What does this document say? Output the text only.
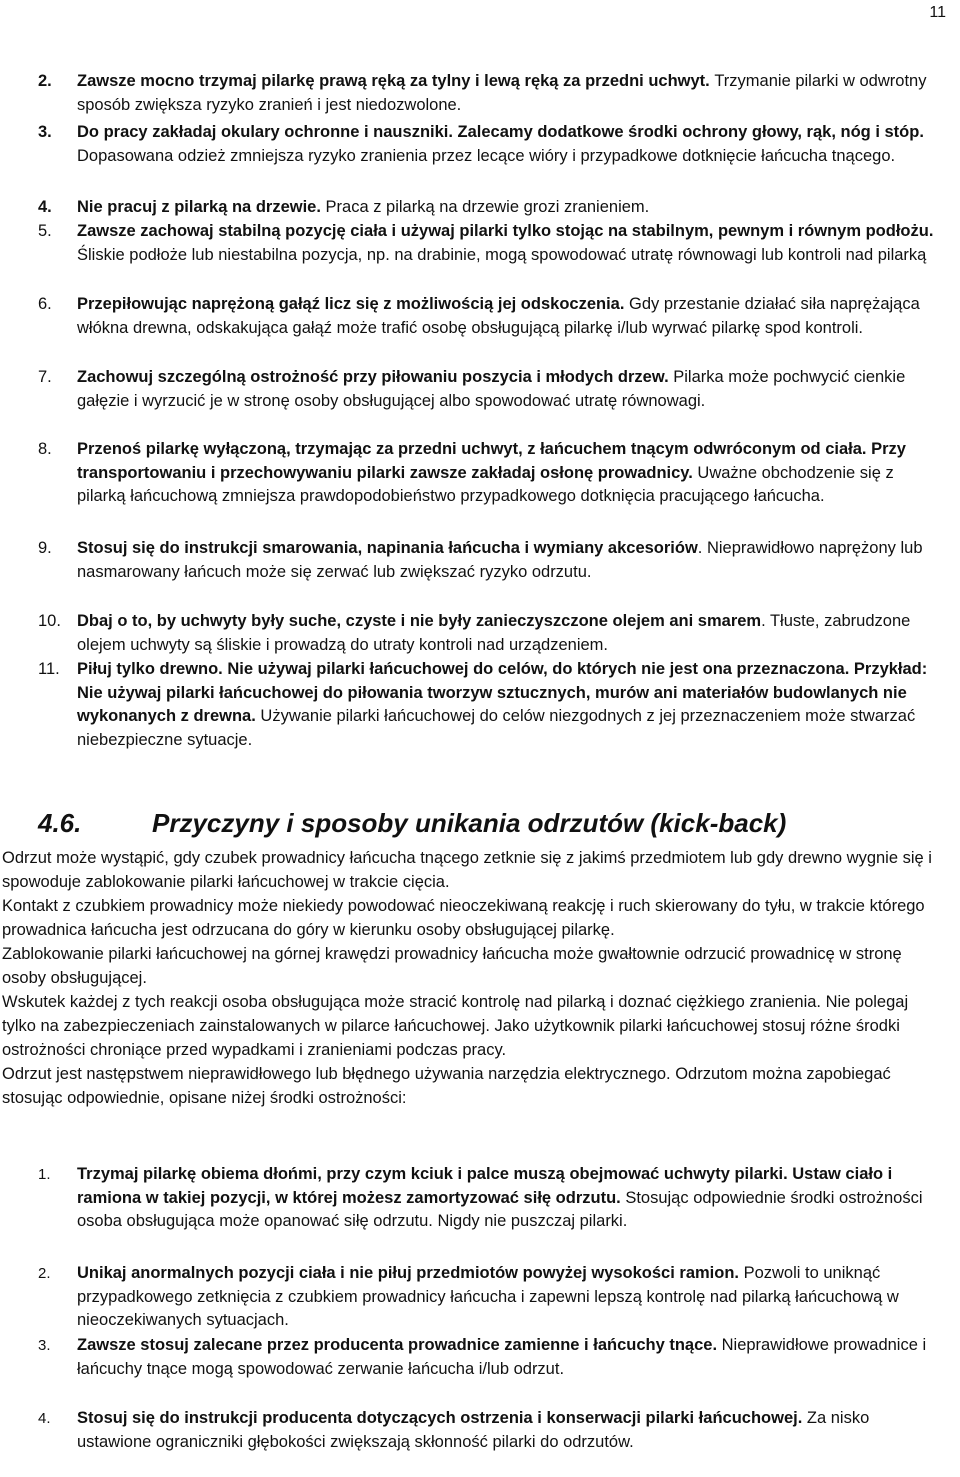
11
2. Zawsze mocno trzymaj pilarkę prawą ręką za tylny i lewą ręką za przedni uchwyt. Trzymanie pilarki w odwrotny sposób zwiększa ryzyko zranień i jest niedozwolone.
3. Do pracy zakładaj okulary ochronne i nauszniki. Zalecamy dodatkowe środki ochrony głowy, rąk, nóg i stóp. Dopasowana odzież zmniejsza ryzyko zranienia przez lecące wióry i przypadkowe dotknięcie łańcucha tnącego.
4. Nie pracuj z pilarką na drzewie. Praca z pilarką na drzewie grozi zranieniem.
5. Zawsze zachowaj stabilną pozycję ciała i używaj pilarki tylko stojąc na stabilnym, pewnym i równym podłożu. Śliskie podłoże lub niestabilna pozycja, np. na drabinie, mogą spowodować utratę równowagi lub kontroli nad pilarką
6. Przepiłowując naprężoną gałąź licz się z możliwością jej odskoczenia. Gdy przestanie działać siła naprężająca włókna drewna, odskakująca gałąź może trafić osobę obsługującą pilarkę i/lub wyrwać pilarkę spod kontroli.
7. Zachowuj szczególną ostrożność przy piłowaniu poszycia i młodych drzew. Pilarka może pochwycić cienkie gałęzie i wyrzucić je w stronę osoby obsługującej albo spowodować utratę równowagi.
8. Przenoś pilarkę wyłączoną, trzymając za przedni uchwyt, z łańcuchem tnącym odwróconym od ciała. Przy transportowaniu i przechowywaniu pilarki zawsze zakładaj osłonę prowadnicy. Uważne obchodzenie się z pilarką łańcuchową zmniejsza prawdopodobieństwo przypadkowego dotknięcia pracującego łańcucha.
9. Stosuj się do instrukcji smarowania, napinania łańcucha i wymiany akcesoriów. Nieprawidłowo naprężony lub nasmarowany łańcuch może się zerwać lub zwiększać ryzyko odrzutu.
10. Dbaj o to, by uchwyty były suche, czyste i nie były zanieczyszczone olejem ani smarem. Tłuste, zabrudzone olejem uchwyty są śliskie i prowadzą do utraty kontroli nad urządzeniem.
11. Piłuj tylko drewno. Nie używaj pilarki łańcuchowej do celów, do których nie jest ona przeznaczona. Przykład: Nie używaj pilarki łańcuchowej do piłowania tworzyw sztucznych, murów ani materiałów budowlanych nie wykonanych z drewna. Używanie pilarki łańcuchowej do celów niezgodnych z jej przeznaczeniem może stwarzać niebezpieczne sytuacje.
4.6.	Przyczyny i sposoby unikania odrzutów (kick-back)

Odrzut może wystąpić, gdy czubek prowadnicy łańcucha tnącego zetknie się z jakimś przedmiotem lub gdy drewno wygnie się i spowoduje zablokowanie pilarki łańcuchowej w trakcie cięcia.

Kontakt z czubkiem prowadnicy może niekiedy powodować nieoczekiwaną reakcję i ruch skierowany do tyłu, w trakcie którego prowadnica łańcucha jest odrzucana do góry w kierunku osoby obsługującej pilarkę.

Zablokowanie pilarki łańcuchowej na górnej krawędzi prowadnicy łańcucha może gwałtownie odrzucić prowadnicę w stronę osoby obsługującej.

Wskutek każdej z tych reakcji osoba obsługująca może stracić kontrolę nad pilarką i doznać ciężkiego zranienia. Nie polegaj tylko na zabezpieczeniach zainstalowanych w pilarce łańcuchowej. Jako użytkownik pilarki łańcuchowej stosuj różne środki ostrożności chroniące przed wypadkami i zranieniami podczas pracy.

Odrzut jest następstwem nieprawidłowego lub błędnego używania narzędzia elektrycznego. Odrzutom można zapobiegać stosując odpowiednie, opisane niżej środki ostrożności:

1. Trzymaj pilarkę obiema dłońmi, przy czym kciuk i palce muszą obejmować uchwyty pilarki. Ustaw ciało i ramiona w takiej pozycji, w której możesz zamortyzować siłę odrzutu. Stosując odpowiednie środki ostrożności osoba obsługująca może opanować siłę odrzutu. Nigdy nie puszczaj pilarki.
2. Unikaj anormalnych pozycji ciała i nie piłuj przedmiotów powyżej wysokości ramion. Pozwoli to uniknąć przypadkowego zetknięcia z czubkiem prowadnicy łańcucha i zapewni lepszą kontrolę nad pilarką łańcuchową w nieoczekiwanych sytuacjach.
3. Zawsze stosuj zalecane przez producenta prowadnice zamienne i łańcuchy tnące. Nieprawidłowe prowadnice i łańcuchy tnące mogą spowodować zerwanie łańcucha i/lub odrzut.
4. Stosuj się do instrukcji producenta dotyczących ostrzenia i konserwacji pilarki łańcuchowej. Za nisko ustawione ograniczniki głębokości zwiększają skłonność pilarki do odrzutów.
